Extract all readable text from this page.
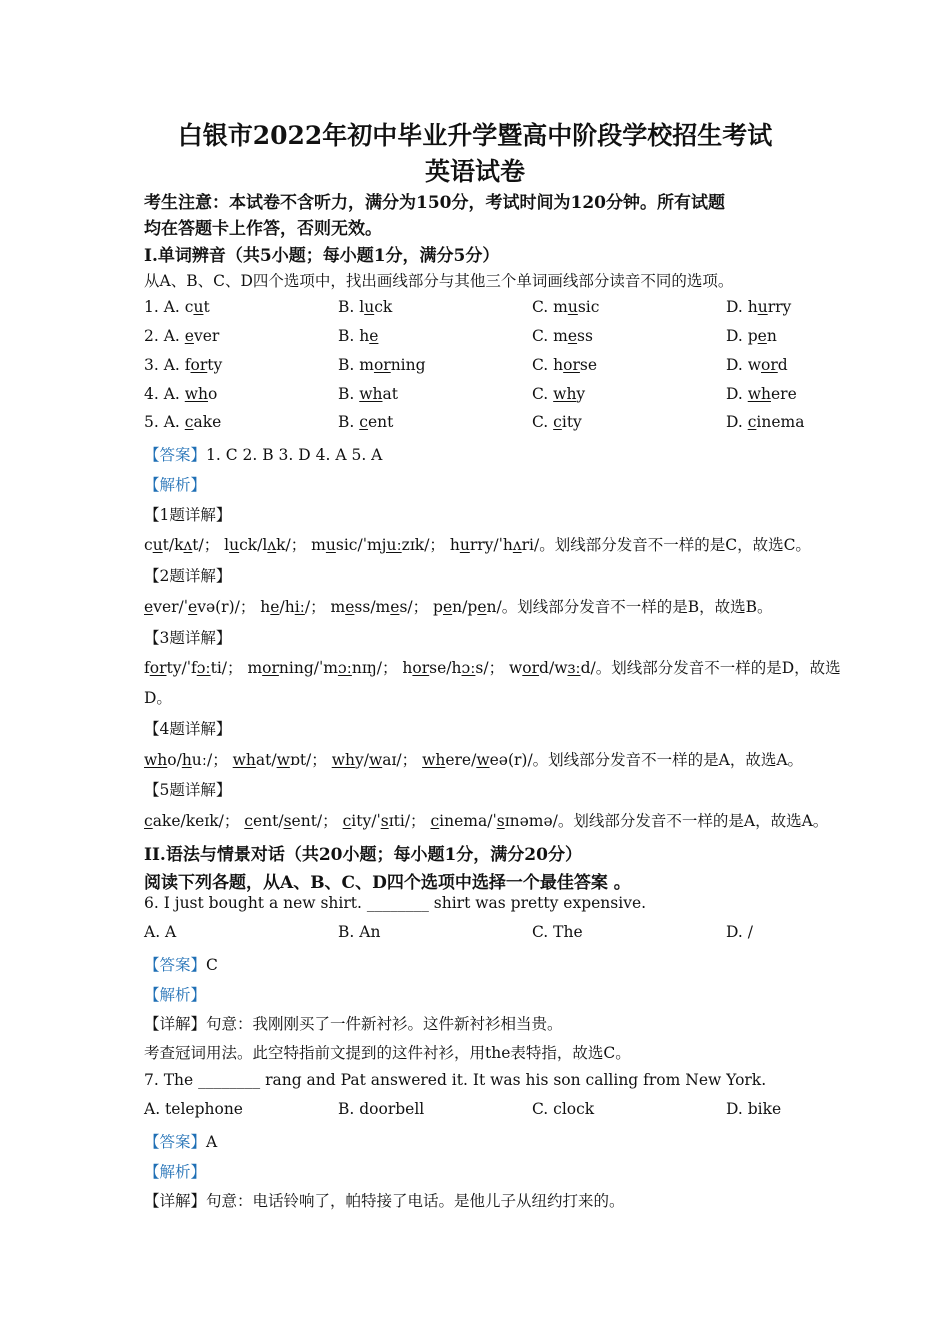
白银市2022年初中毕业升学暨高中阶段学校招生考试
英语试卷
考生注意：本试卷不含听力，满分为150分，考试时间为120分钟。所有试题
均在答题卡上作答，否则无效。
I.单词辨音（共5小题；每小题1分，满分5分）
从A、B、C、D四个选项中，找出画线部分与其他三个单词画线部分读音不同的选项。
1. A. cut	B. luck	C. music	D. hurry
2. A. ever	B. he	C. mess	D. pen
3. A. forty	B. morning	C. horse	D. word
4. A. who	B. what	C. why	D. where
5. A. cake	B. cent	C. city	D. cinema
【答案】1. C 2. B 3. D 4. A 5. A
【解析】
【1题详解】
cut/kʌt/； luck/lʌk/； music/ˈmjuːzɪk/； hurry/ˈhʌri/。划线部分发音不一样的是C，故选C。
【2题详解】
ever/ˈevə(r)/； he/hiː/； mess/mes/； pen/pen/。划线部分发音不一样的是B，故选B。
【3题详解】
forty/ˈfɔːti/； morning/ˈmɔːnɪŋ/； horse/hɔːs/； word/wɜːd/。划线部分发音不一样的是D，故选
D。
【4题详解】
who/huː/； what/wɒt/； why/waɪ/； where/weə(r)/。划线部分发音不一样的是A，故选A。
【5题详解】
cake/keɪk/； cent/sent/； city/ˈsɪti/； cinema/ˈsɪnəmə/。划线部分发音不一样的是A，故选A。
II.语法与情景对话（共20小题；每小题1分，满分20分）
阅读下列各题，从A、B、C、D四个选项中选择一个最佳答案 。
6. I just bought a new shirt. ________ shirt was pretty expensive.
A. A	B. An	C. The	D. /
【答案】C
【解析】
【详解】句意：我刚刚买了一件新衬衫。这件新衬衫相当贵。
考查冠词用法。此空特指前文提到的这件衬衫，用the表特指，故选C。
7. The ________ rang and Pat answered it. It was his son calling from New York.
A. telephone	B. doorbell	C. clock	D. bike
【答案】A
【解析】
【详解】句意：电话铃响了，帕特接了电话。是他儿子从纽约打来的。
